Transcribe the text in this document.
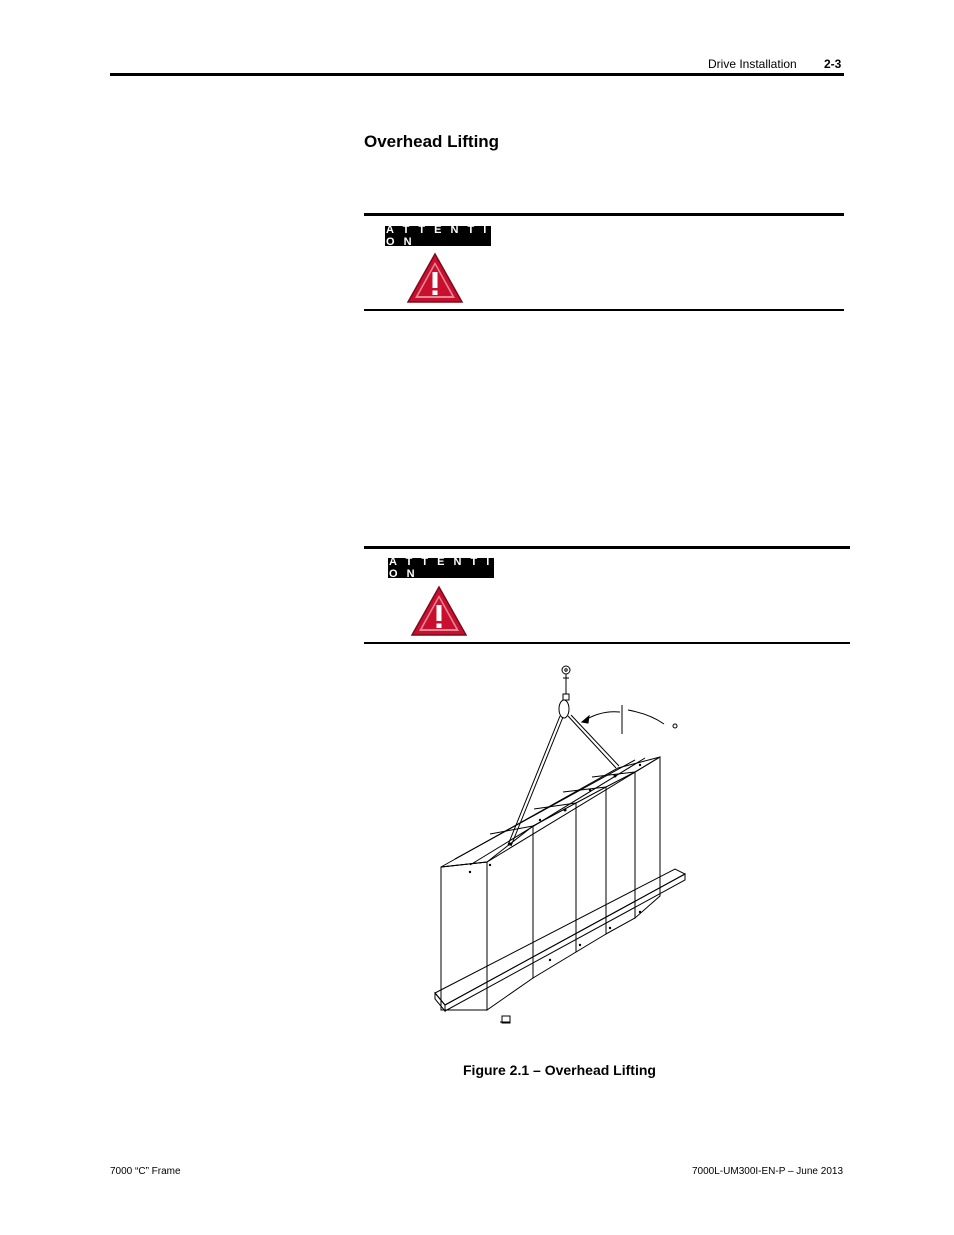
Drive Installation 2-3
Overhead Lifting
A T T E N T I O N
A T T E N T I O N
Figure 2.1 – Overhead Lifting
7000 “C” Frame	7000L-UM300I-EN-P – June 2013
